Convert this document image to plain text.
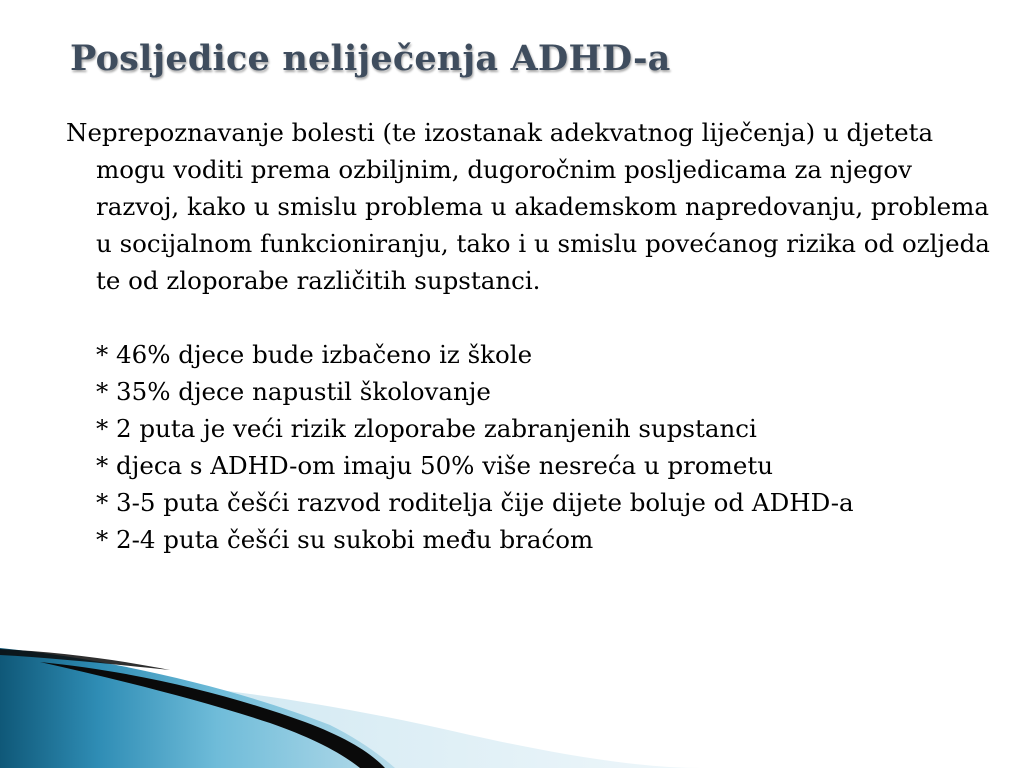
Posljedice neliječenja ADHD-a

Neprepoznavanje bolesti (te izostanak adekvatnog liječenja) u djeteta mogu voditi prema ozbiljnim, dugoročnim posljedicama za njegov razvoj, kako u smislu problema u akademskom napredovanju, problema u socijalnom funkcioniranju, tako i u smislu povećanog rizika od ozljeda te od zloporabe različitih supstanci.

* 46% djece bude izbačeno iz škole
* 35% djece napustil školovanje
* 2 puta je veći rizik zloporabe zabranjenih supstanci
* djeca s ADHD-om imaju 50% više nesreća u prometu
* 3-5 puta češći razvod roditelja čije dijete boluje od ADHD-a
* 2-4 puta češći su sukobi među braćom
